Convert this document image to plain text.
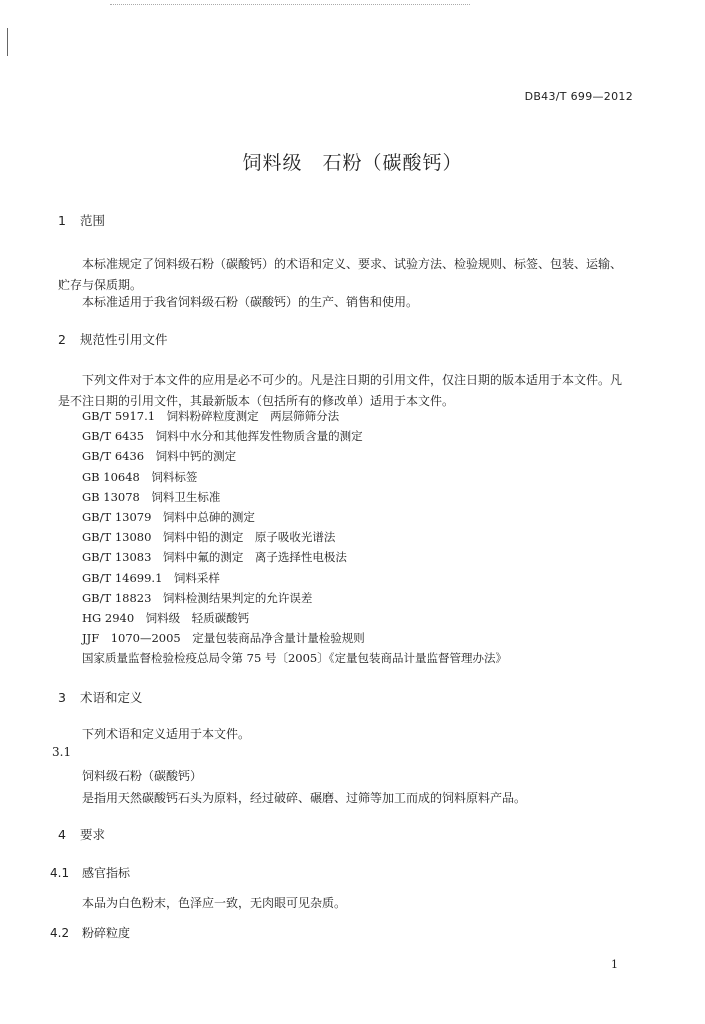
DB43/T 699—2012
饲料级　石粉（碳酸钙）
1 范围
本标准规定了饲料级石粉（碳酸钙）的术语和定义、要求、试验方法、检验规则、标签、包装、运输、贮存与保质期。
本标准适用于我省饲料级石粉（碳酸钙）的生产、销售和使用。
2 规范性引用文件
下列文件对于本文件的应用是必不可少的。凡是注日期的引用文件，仅注日期的版本适用于本文件。凡是不注日期的引用文件，其最新版本（包括所有的修改单）适用于本文件。
GB/T 5917.1　饲料粉碎粒度测定　两层筛筛分法
GB/T 6435　饲料中水分和其他挥发性物质含量的测定
GB/T 6436　饲料中钙的测定
GB 10648　饲料标签
GB 13078　饲料卫生标准
GB/T 13079　饲料中总砷的测定
GB/T 13080　饲料中铅的测定　原子吸收光谱法
GB/T 13083　饲料中氟的测定　离子选择性电极法
GB/T 14699.1　饲料采样
GB/T 18823　饲料检测结果判定的允许误差
HG 2940　饲料级　轻质碳酸钙
JJF　1070—2005　定量包装商品净含量计量检验规则
国家质量监督检验检疫总局令第 75 号〔2005〕《定量包装商品计量监督管理办法》
3 术语和定义
下列术语和定义适用于本文件。
3.1
饲料级石粉（碳酸钙）
是指用天然碳酸钙石头为原料，经过破碎、碾磨、过筛等加工而成的饲料原料产品。
4 要求
4.1 感官指标
本品为白色粉末，色泽应一致，无肉眼可见杂质。
4.2 粉碎粒度
1
